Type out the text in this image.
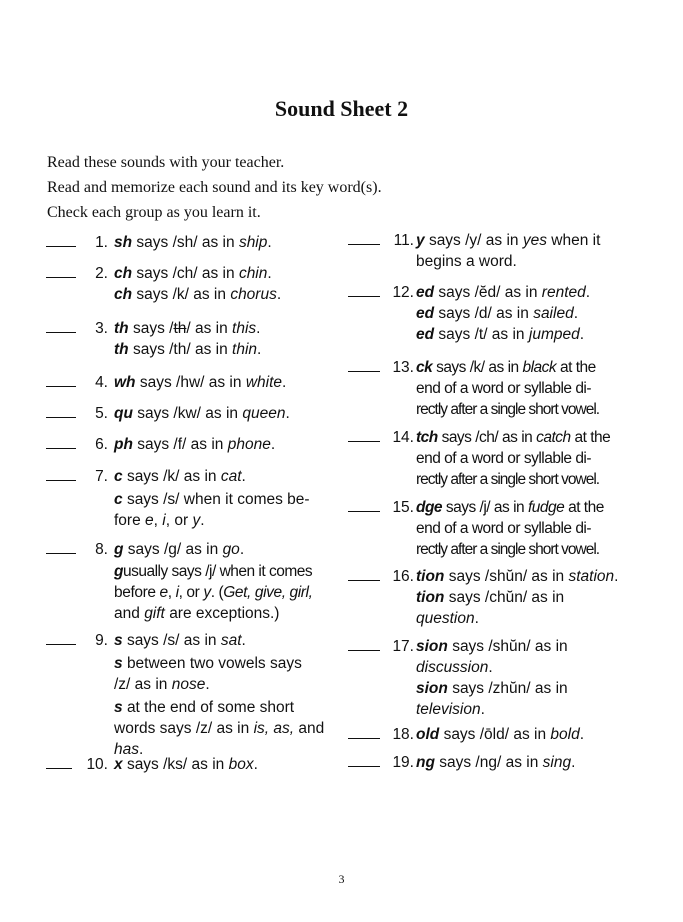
Sound Sheet 2
Read these sounds with your teacher.
Read and memorize each sound and its key word(s).
Check each group as you learn it.
1. sh says /sh/ as in ship.
2. ch says /ch/ as in chin.
ch says /k/ as in chorus.
3. th says /th/ as in this.
th says /th/ as in thin.
4. wh says /hw/ as in white.
5. qu says /kw/ as in queen.
6. ph says /f/ as in phone.
7. c says /k/ as in cat.
c says /s/ when it comes be-
fore e, i, or y.
8. g says /g/ as in go.
gusually says /j/ when it comes
before e, i, or y. (Get, give, girl,
and gift are exceptions.)
9. s says /s/ as in sat.
s between two vowels says
/z/ as in nose.
s at the end of some short
words says /z/ as in is, as, and
has.
10. x says /ks/ as in box.
11. y says /y/ as in yes when it
begins a word.
12. ed says /ĕd/ as in rented.
ed says /d/ as in sailed.
ed says /t/ as in jumped.
13. ck says /k/ as in black at the
end of a word or syllable di-
rectly after a single short vowel.
14. tch says /ch/ as in catch at the
end of a word or syllable di-
rectly after a single short vowel.
15. dge says /j/ as in fudge at the
end of a word or syllable di-
rectly after a single short vowel.
16. tion says /shŭn/ as in station.
tion says /chŭn/ as in
question.
17. sion says /shŭn/ as in
discussion.
sion says /zhŭn/ as in
television.
18. old says /ōld/ as in bold.
19. ng says /ng/ as in sing.
3
